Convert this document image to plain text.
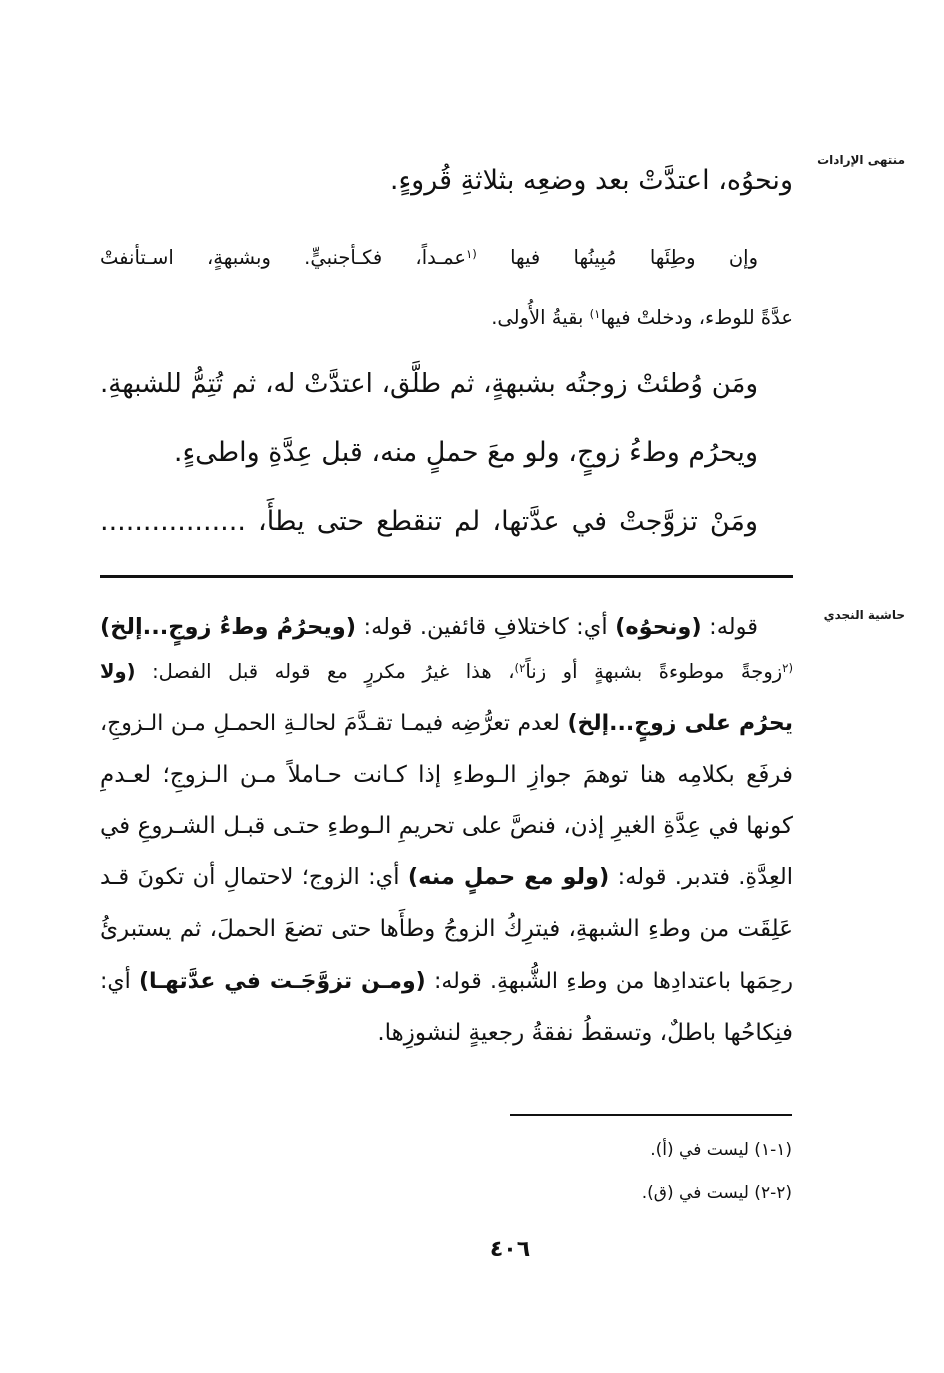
منتهى الإرادات
حاشية النجدي
ونحوُه، اعتدَّتْ بعد وضعِه بثلاثةِ قُروءٍ.
وإن وطِئَها مُبِينُها فيها $^{(١}$عمـداً، فكـأجنبيٍّ. وبشبهةٍ، اسـتأنفتْ
عدَّةً للوطء، ودخلتْ فيها$^{١)}$ بقيةُ الأُولى.
ومَن وُطئتْ زوجتُه بشبهةٍ، ثم طلَّق، اعتدَّتْ له، ثم تُتِمُّ للشبهةِ.
ويحرُم وطءُ زوجٍ، ولو معَ حملٍ منه، قبل عِدَّةِ واطىءٍ.
ومَنْ تزوَّجتْ في عدَّتها، لم تنقطع حتى يطأَ، .................
قوله: (ونحوُه) أي: كاختلافِ قائفين. قوله: (ويحرُمُ وطءُ زوجٍ...إلخ)
$^{(٢}$زوجةً موطوءةً بشبهةٍ أو زناً$^{٢)}$، هذا غيرُ مكررٍ مع قوله قبل الفصل: (ولا
يحرُم على زوجٍ...إلخ) لعدم تعرُّضِه فيمـا تقـدَّمَ لحالـةِ الحمـلِ مـن الـزوجِ،
فرفَع بكلامِه هنا توهمَ جوازِ الـوطءِ إذا كـانت حـاملاً مـن الـزوجِ؛ لعـدمِ
كونها في عِدَّةِ الغيرِ إذن، فنصَّ على تحريمِ الـوطءِ حتـى قبـل الشـروعِ في
العِدَّةِ. فتدبر. قوله: (ولو مع حملٍ منه) أي: الزوج؛ لاحتمالِ أن تكونَ قـد
عَلِقَت من وطءِ الشبهةِ، فيترِكُ الزوجُ وطأَها حتى تضعَ الحملَ، ثم يستبرئُ
رحِمَها باعتدادِها من وطءِ الشُّبهةِ. قوله: (ومـن تزوَّجَـت في عدَّتهـا) أي:
فنِكاحُها باطلٌ، وتسقطُ نفقةُ رجعيةٍ لنشوزِها.
(١-١) ليست في (أ).
(٢-٢) ليست في (ق).
٤٠٦
